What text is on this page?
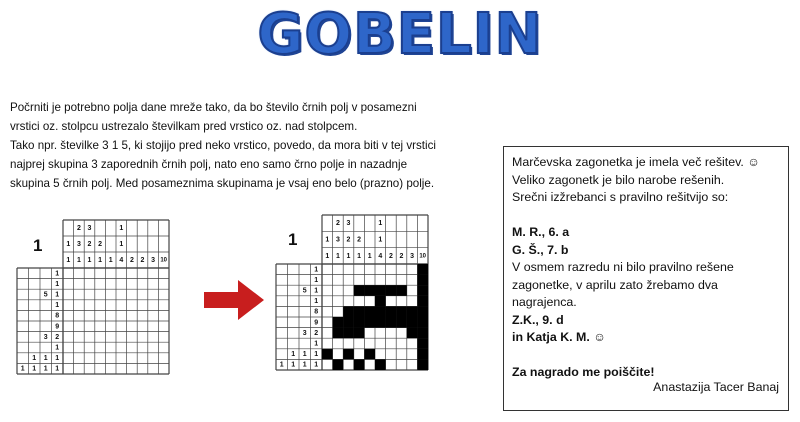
GOBELIN

Počrniti je potrebno polja dane mreže tako, da bo število črnih polj v posamezni

vrstici oz. stolpcu ustrezalo številkam pred vrstico oz. nad stolpcem.

Tako npr. številke 3 1 5, ki stojijo pred neko vrstico, povedo, da mora biti v tej vrstici

najprej skupina 3 zaporednih črnih polj, nato eno samo črno polje in nazadnje

skupina 5 črnih polj. Med posameznima skupinama je vsaj eno belo (prazno) polje.

1	1
1
1
2
3
1
3
2
1
2
1 1
1
1
4 2 2 3 10
1
1
5 1
1
8
9
3 2
1
1 1 1
1 1 1 1
1
1
2
3
1
3
2
1
2
1 1
1
1
4 2 2 3 10
1
1
5 1
1
8
9
3 2
1
1 1 1
1 1 1 1

Marčevska zagonetka je imela več rešitev. ☺

Veliko zagonetk je bilo narobe rešenih.

Srečni izžrebanci s pravilno rešitvijo so:

M. R., 6. a

G. Š., 7. b

V osmem razredu ni bilo pravilno rešene

zagonetke, v aprilu zato žrebamo dva

nagrajenca.

Z.K., 9. d

in Katja K. M. ☺

Za nagrado me poiščite!

Anastazija Tacer Banaj
